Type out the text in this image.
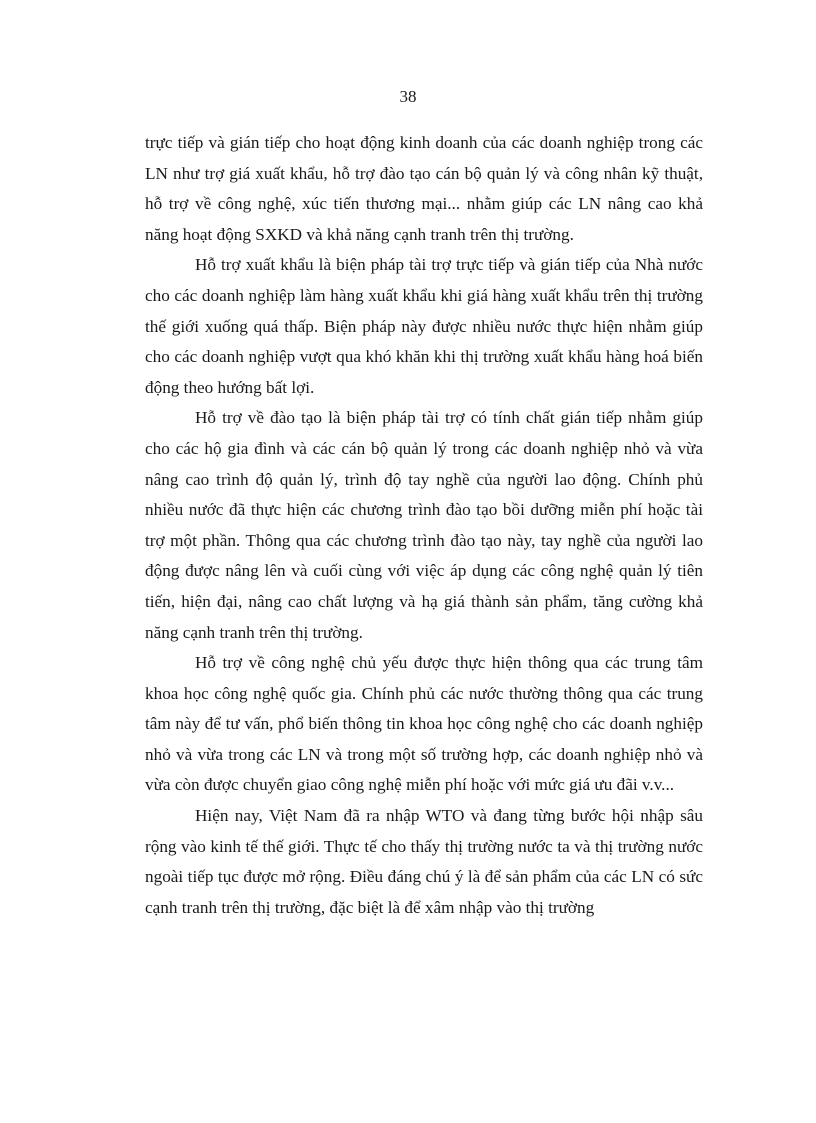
38

trực tiếp và gián tiếp cho hoạt động kinh doanh của các doanh nghiệp trong các LN như trợ giá xuất khẩu, hỗ trợ đào tạo cán bộ quản lý và công nhân kỹ thuật, hỗ trợ về công nghệ, xúc tiến thương mại... nhằm giúp các LN nâng cao khả năng hoạt động SXKD và khả năng cạnh tranh trên thị trường.

Hỗ trợ xuất khẩu là biện pháp tài trợ trực tiếp và gián tiếp của Nhà nước cho các doanh nghiệp làm hàng xuất khẩu khi giá hàng xuất khẩu trên thị trường thế giới xuống quá thấp. Biện pháp này được nhiều nước thực hiện nhằm giúp cho các doanh nghiệp vượt qua khó khăn khi thị trường xuất khẩu hàng hoá biến động theo hướng bất lợi.

Hỗ trợ về đào tạo là biện pháp tài trợ có tính chất gián tiếp nhằm giúp cho các hộ gia đình và các cán bộ quản lý trong các doanh nghiệp nhỏ và vừa nâng cao trình độ quản lý, trình độ tay nghề của người lao động. Chính phủ nhiều nước đã thực hiện các chương trình đào tạo bồi dưỡng miễn phí hoặc tài trợ một phần. Thông qua các chương trình đào tạo này, tay nghề của người lao động được nâng lên và cuối cùng với việc áp dụng các công nghệ quản lý tiên tiến, hiện đại, nâng cao chất lượng và hạ giá thành sản phẩm, tăng cường khả năng cạnh tranh trên thị trường.

Hỗ trợ về công nghệ chủ yếu được thực hiện thông qua các trung tâm khoa học công nghệ quốc gia. Chính phủ các nước thường thông qua các trung tâm này để tư vấn, phổ biến thông tin khoa học công nghệ cho các doanh nghiệp nhỏ và vừa trong các LN và trong một số trường hợp, các doanh nghiệp nhỏ và vừa còn được chuyển giao công nghệ miễn phí hoặc với mức giá ưu đãi v.v...

Hiện nay, Việt Nam đã ra nhập WTO và đang từng bước hội nhập sâu rộng vào kinh tế thế giới. Thực tế cho thấy thị trường nước ta và thị trường nước ngoài tiếp tục được mở rộng. Điều đáng chú ý là để sản phẩm của các LN có sức cạnh tranh trên thị trường, đặc biệt là để xâm nhập vào thị trường
